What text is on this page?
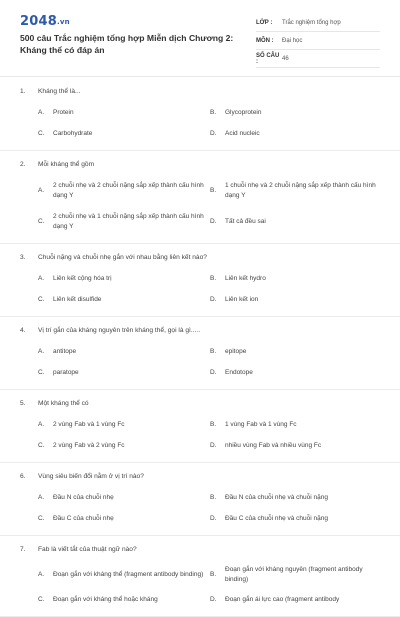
2048.vn
500 câu Trắc nghiệm tổng hợp Miễn dịch Chương 2: Kháng thể có đáp án
LỚP :	Trắc nghiệm tổng hợp
MÔN :	Đại học
SỐ CÂU :	46
1.	Kháng thể là...
A.	Protein	B.	Glycoprotein
C.	Carbohydrate	D.	Acid nucleic
2.	Mỗi kháng thể gồm
A.
2 chuỗi nhẹ và 2 chuỗi nặng sắp xếp thành cấu hình dạng Y
B.
1 chuỗi nhẹ và 2 chuỗi nặng sắp xếp thành cấu hình dạng Y
C.
2 chuỗi nhẹ và 1 chuỗi nặng sắp xếp thành cấu hình dạng Y
D.	Tất cả đều sai
3.	Chuỗi nặng và chuỗi nhẹ gắn với nhau bằng liên kết nào?
A.	Liên kết cộng hóa trị	B.	Liên kết hydro
C.	Liên kết disulfide	D.	Liên kết ion
4.	Vị trí gắn của kháng nguyên trên kháng thể, gọi là gì.....
A.	antitope	B.	epitope
C.	paratope	D.	Endotope
5.	Một kháng thể có
A.	2 vùng Fab và 1 vùng Fc	B.	1 vùng Fab và 1 vùng Fc
C.	2 vùng Fab và 2 vùng Fc	D.	nhiều vùng Fab và nhiều vùng Fc
6.	Vùng siêu biến đổi nằm ở vị trí nào?
A.	Đầu N của chuỗi nhẹ	B.	Đầu N của chuỗi nhẹ và chuỗi nặng
C.	Đầu C của chuỗi nhẹ	D.	Đầu C của chuỗi nhẹ và chuỗi nặng
7.	Fab là viết tắt của thuật ngữ nào?
A.	Đoạn gắn với kháng thể (fragment antibody binding)	B.
Đoạn gắn với kháng nguyên (fragment antibody binding)
C.	Đoạn gắn với kháng thể hoặc kháng	D.	Đoạn gắn ái lực cao (fragment antibody
